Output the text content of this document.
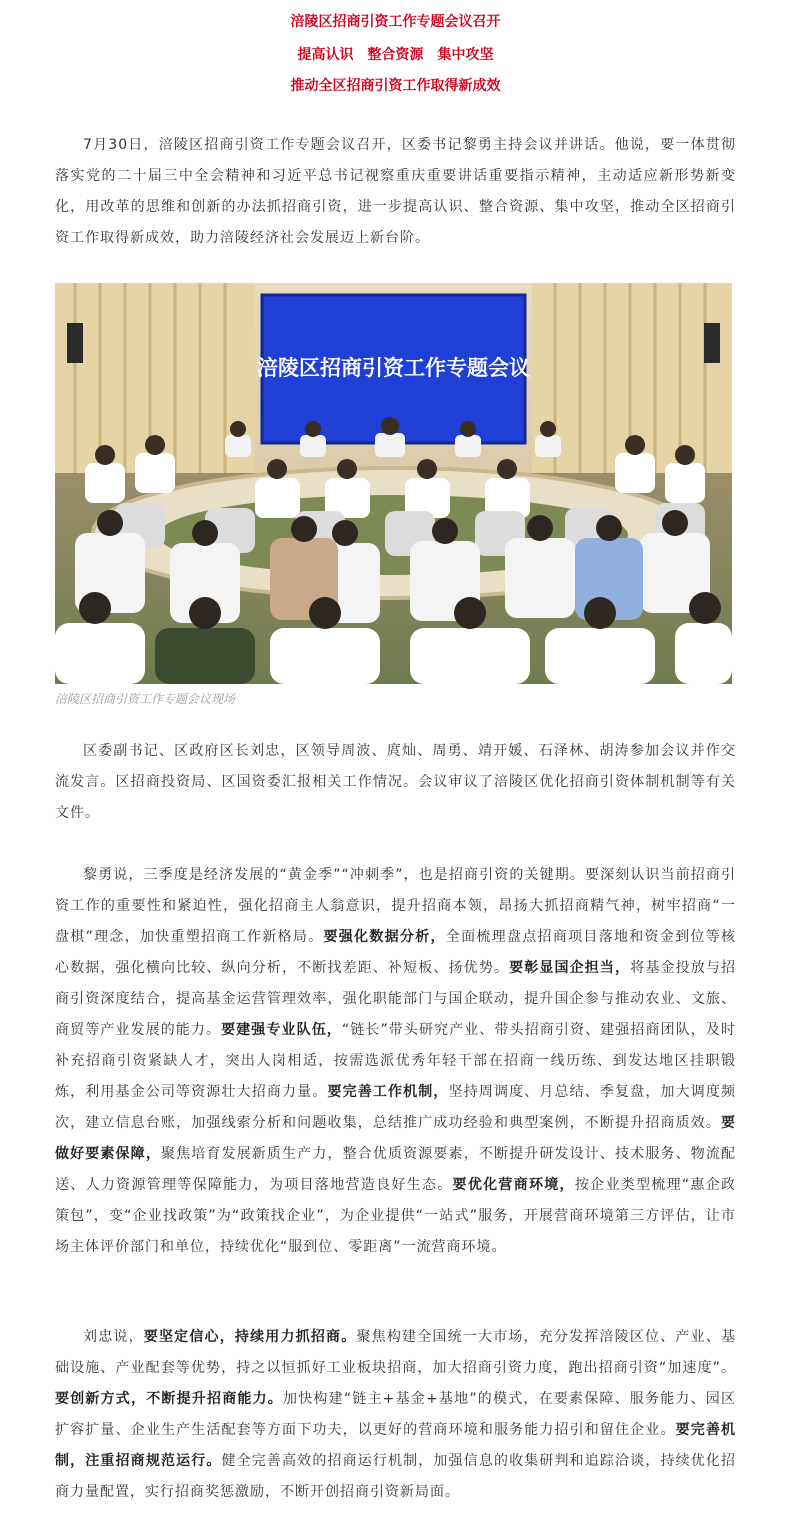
涪陵区招商引资工作专题会议召开

提高认识　整合资源　集中攻坚

推动全区招商引资工作取得新成效

7月30日，涪陵区招商引资工作专题会议召开，区委书记黎勇主持会议并讲话。他说，要一体贯彻落实党的二十届三中全会精神和习近平总书记视察重庆重要讲话重要指示精神，主动适应新形势新变化，用改革的思维和创新的办法抓招商引资，进一步提高认识、整合资源、集中攻坚，推动全区招商引资工作取得新成效，助力涪陵经济社会发展迈上新台阶。

涪陵区招商引资工作专题会议

涪陵区招商引资工作专题会议现场

区委副书记、区政府区长刘忠，区领导周波、庹灿、周勇、靖开媛、石泽林、胡涛参加会议并作交流发言。区招商投资局、区国资委汇报相关工作情况。会议审议了涪陵区优化招商引资体制机制等有关文件。

黎勇说，三季度是经济发展的“黄金季”“冲刺季”，也是招商引资的关键期。要深刻认识当前招商引资工作的重要性和紧迫性，强化招商主人翁意识，提升招商本领，昂扬大抓招商精气神，树牢招商“一盘棋”理念，加快重塑招商工作新格局。要强化数据分析，全面梳理盘点招商项目落地和资金到位等核心数据，强化横向比较、纵向分析，不断找差距、补短板、扬优势。要彰显国企担当，将基金投放与招商引资深度结合，提高基金运营管理效率，强化职能部门与国企联动，提升国企参与推动农业、文旅、商贸等产业发展的能力。要建强专业队伍，“链长”带头研究产业、带头招商引资、建强招商团队，及时补充招商引资紧缺人才，突出人岗相适，按需选派优秀年轻干部在招商一线历练、到发达地区挂职锻炼，利用基金公司等资源壮大招商力量。要完善工作机制，坚持周调度、月总结、季复盘，加大调度频次，建立信息台账，加强线索分析和问题收集，总结推广成功经验和典型案例，不断提升招商质效。要做好要素保障，聚焦培育发展新质生产力，整合优质资源要素，不断提升研发设计、技术服务、物流配送、人力资源管理等保障能力，为项目落地营造良好生态。要优化营商环境，按企业类型梳理“惠企政策包”，变“企业找政策”为“政策找企业”，为企业提供“一站式”服务，开展营商环境第三方评估，让市场主体评价部门和单位，持续优化“服到位、零距离”一流营商环境。

刘忠说，要坚定信心，持续用力抓招商。聚焦构建全国统一大市场，充分发挥涪陵区位、产业、基础设施、产业配套等优势，持之以恒抓好工业板块招商，加大招商引资力度，跑出招商引资“加速度”。要创新方式，不断提升招商能力。加快构建“链主+基金+基地”的模式，在要素保障、服务能力、园区扩容扩量、企业生产生活配套等方面下功夫，以更好的营商环境和服务能力招引和留住企业。要完善机制，注重招商规范运行。健全完善高效的招商运行机制，加强信息的收集研判和追踪洽谈，持续优化招商力量配置，实行招商奖惩激励，不断开创招商引资新局面。
